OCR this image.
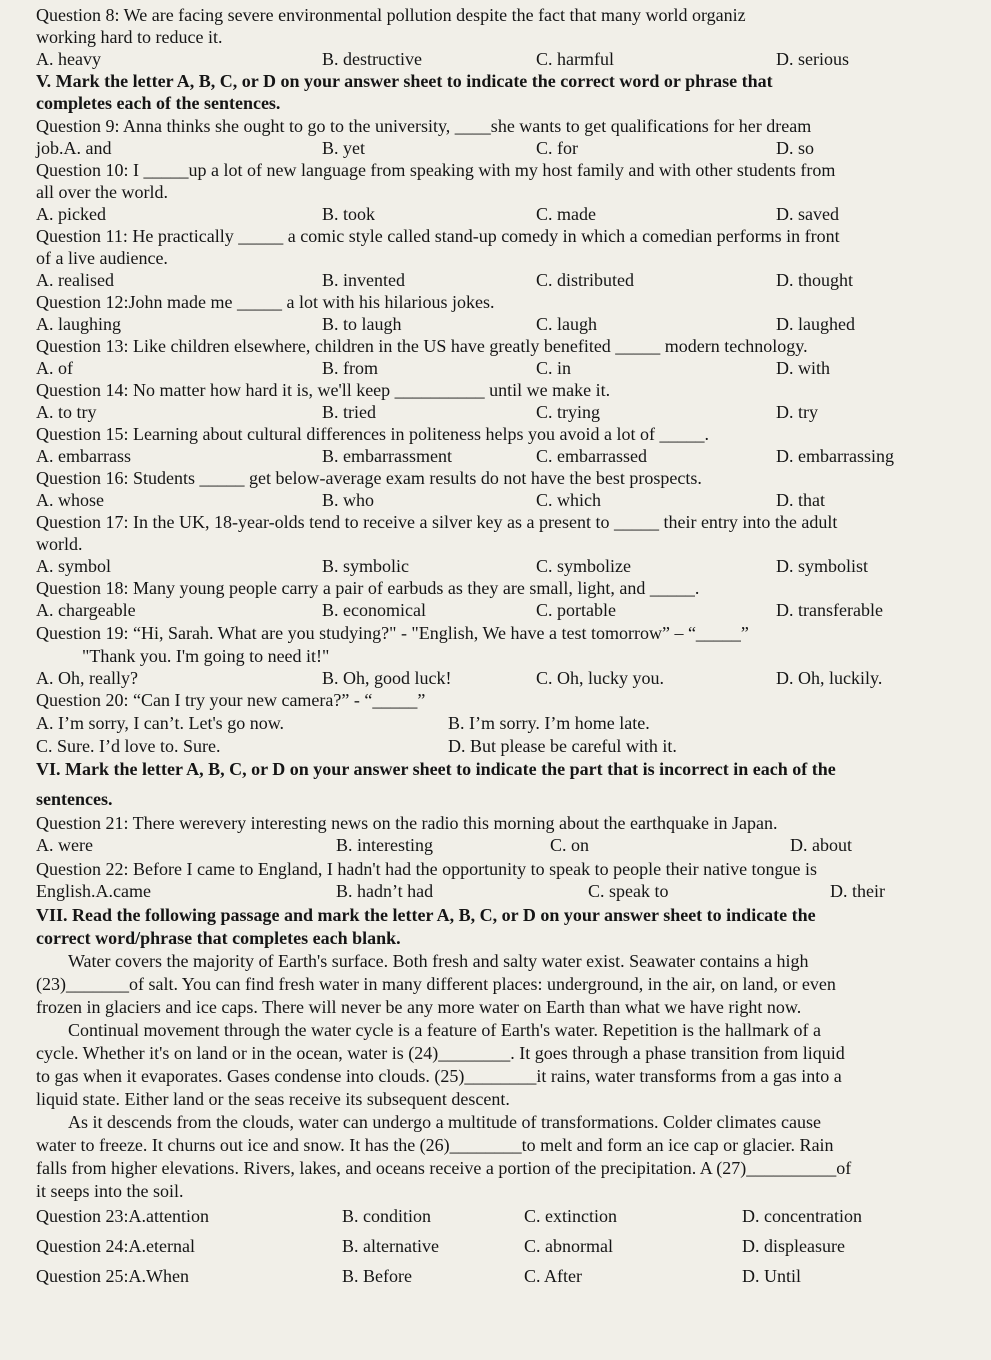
Question 8: We are facing severe environmental pollution despite the fact that many world organiz
working hard to reduce it.
A. heavy	B. destructive	C. harmful	D. serious
V. Mark the letter A, B, C, or D on your answer sheet to indicate the correct word or phrase that
completes each of the sentences.
Question 9: Anna thinks she ought to go to the university, ____she wants to get qualifications for her dream
job.A. and	B. yet	C. for	D. so
Question 10: I _____up a lot of new language from speaking with my host family and with other students from
all over the world.
A. picked	B. took	C. made	D. saved
Question 11: He practically _____ a comic style called stand-up comedy in which a comedian performs in front
of a live audience.
A. realised	B. invented	C. distributed	D. thought
Question 12:John made me _____ a lot with his hilarious jokes.
A. laughing	B. to laugh	C. laugh	D. laughed
Question 13: Like children elsewhere, children in the US have greatly benefited _____ modern technology.
A. of	B. from	C. in	D. with
Question 14: No matter how hard it is, we'll keep __________ until we make it.
A. to try	B. tried	C. trying	D. try
Question 15: Learning about cultural differences in politeness helps you avoid a lot of _____.
A. embarrass	B. embarrassment	C. embarrassed	D. embarrassing
Question 16: Students _____ get below-average exam results do not have the best prospects.
A. whose	B. who	C. which	D. that
Question 17: In the UK, 18-year-olds tend to receive a silver key as a present to _____ their entry into the adult
world.
A. symbol	B. symbolic	C. symbolize	D. symbolist
Question 18: Many young people carry a pair of earbuds as they are small, light, and _____.
A. chargeable	B. economical	C. portable	D. transferable
Question 19: “Hi, Sarah. What are you studying?" - "English, We have a test tomorrow” – “_____”
"Thank you. I'm going to need it!"
A. Oh, really?	B. Oh, good luck!	C. Oh, lucky you.	D. Oh, luckily.
Question 20: “Can I try your new camera?” - “_____”
A. I’m sorry, I can’t. Let's go now.	B. I’m sorry. I’m home late.
C. Sure. I’d love to. Sure.	D. But please be careful with it.
VI. Mark the letter A, B, C, or D on your answer sheet to indicate the part that is incorrect in each of the
sentences.
Question 21: There werevery interesting news on the radio this morning about the earthquake in Japan.
A. were	B. interesting	C. on	D. about
Question 22: Before I came to England, I hadn't had the opportunity to speak to people their native tongue is
English.A.came	B. hadn’t had	C. speak to	D. their
VII. Read the following passage and mark the letter A, B, C, or D on your answer sheet to indicate the
correct word/phrase that completes each blank.
Water covers the majority of Earth's surface. Both fresh and salty water exist. Seawater contains a high
(23)_______of salt. You can find fresh water in many different places: underground, in the air, on land, or even
frozen in glaciers and ice caps. There will never be any more water on Earth than what we have right now.
Continual movement through the water cycle is a feature of Earth's water. Repetition is the hallmark of a
cycle. Whether it's on land or in the ocean, water is (24)________. It goes through a phase transition from liquid
to gas when it evaporates. Gases condense into clouds. (25)________it rains, water transforms from a gas into a
liquid state. Either land or the seas receive its subsequent descent.
As it descends from the clouds, water can undergo a multitude of transformations. Colder climates cause
water to freeze. It churns out ice and snow. It has the (26)________to melt and form an ice cap or glacier. Rain
falls from higher elevations. Rivers, lakes, and oceans receive a portion of the precipitation. A (27)__________of
it seeps into the soil.
Question 23:A.attention	B. condition	C. extinction	D. concentration
Question 24:A.eternal	B. alternative	C. abnormal	D. displeasure
Question 25:A.When	B. Before	C. After	D. Until
